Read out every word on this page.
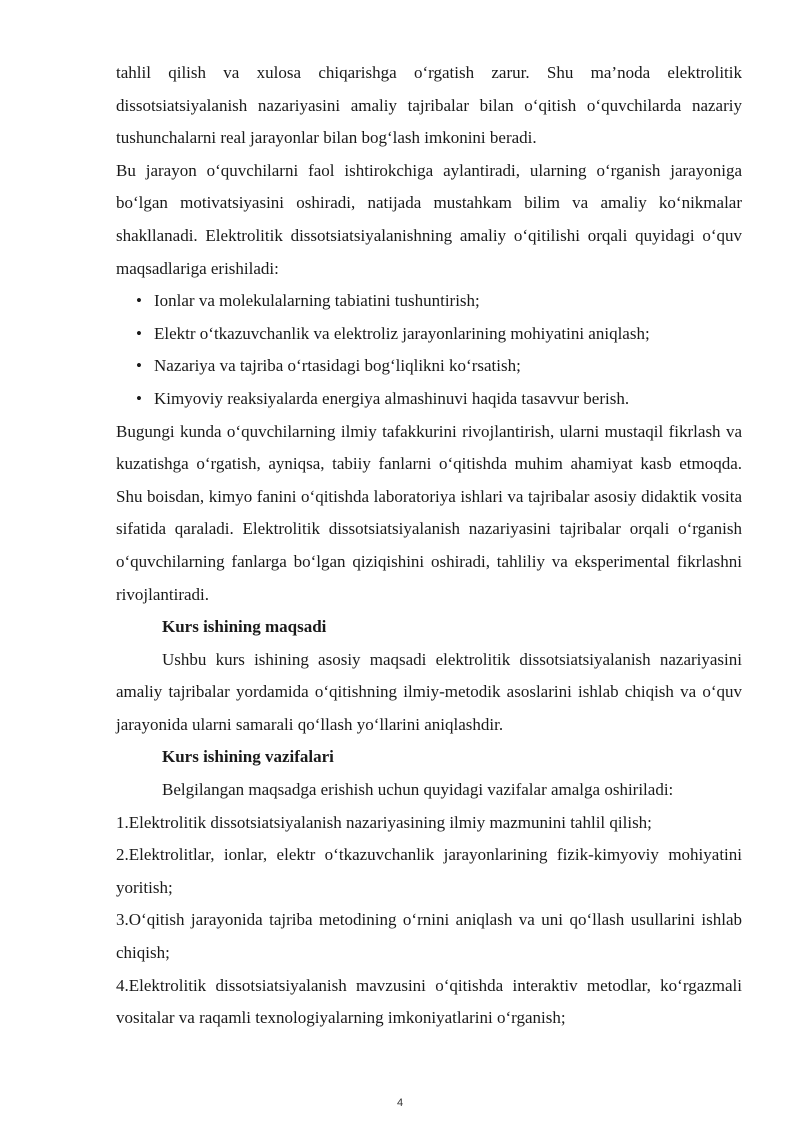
tahlil qilish va xulosa chiqarishga o‘rgatish zarur. Shu ma’noda elektrolitik dissotsiatsiyalanish nazariyasini amaliy tajribalar bilan o‘qitish o‘quvchilarda nazariy tushunchalarni real jarayonlar bilan bog‘lash imkonini beradi.

Bu jarayon o‘quvchilarni faol ishtirokchiga aylantiradi, ularning o‘rganish jarayoniga bo‘lgan motivatsiyasini oshiradi, natijada mustahkam bilim va amaliy ko‘nikmalar shakllanadi. Elektrolitik dissotsiatsiyalanishning amaliy o‘qitilishi orqali quyidagi o‘quv maqsadlariga erishiladi:

• Ionlar va molekulalarning tabiatini tushuntirish;
• Elektr o‘tkazuvchanlik va elektroliz jarayonlarining mohiyatini aniqlash;
• Nazariya va tajriba o‘rtasidagi bog‘liqlikni ko‘rsatish;
• Kimyoviy reaksiyalarda energiya almashinuvi haqida tasavvur berish.

Bugungi kunda o‘quvchilarning ilmiy tafakkurini rivojlantirish, ularni mustaqil fikrlash va kuzatishga o‘rgatish, ayniqsa, tabiiy fanlarni o‘qitishda muhim ahamiyat kasb etmoqda. Shu boisdan, kimyo fanini o‘qitishda laboratoriya ishlari va tajribalar asosiy didaktik vosita sifatida qaraladi. Elektrolitik dissotsiatsiyalanish nazariyasini tajribalar orqali o‘rganish o‘quvchilarning fanlarga bo‘lgan qiziqishini oshiradi, tahliliy va eksperimental fikrlashni rivojlantiradi.

Kurs ishining maqsadi

Ushbu kurs ishining asosiy maqsadi elektrolitik dissotsiatsiyalanish nazariyasini amaliy tajribalar yordamida o‘qitishning ilmiy-metodik asoslarini ishlab chiqish va o‘quv jarayonida ularni samarali qo‘llash yo‘llarini aniqlashdir.

Kurs ishining vazifalari

Belgilangan maqsadga erishish uchun quyidagi vazifalar amalga oshiriladi:

1.Elektrolitik dissotsiatsiyalanish nazariyasining ilmiy mazmunini tahlil qilish;

2.Elektrolitlar, ionlar, elektr o‘tkazuvchanlik jarayonlarining fizik-kimyoviy mohiyatini yoritish;

3.O‘qitish jarayonida tajriba metodining o‘rnini aniqlash va uni qo‘llash usullarini ishlab chiqish;

4.Elektrolitik dissotsiatsiyalanish mavzusini o‘qitishda interaktiv metodlar, ko‘rgazmali vositalar va raqamli texnologiyalarning imkoniyatlarini o‘rganish;

4
